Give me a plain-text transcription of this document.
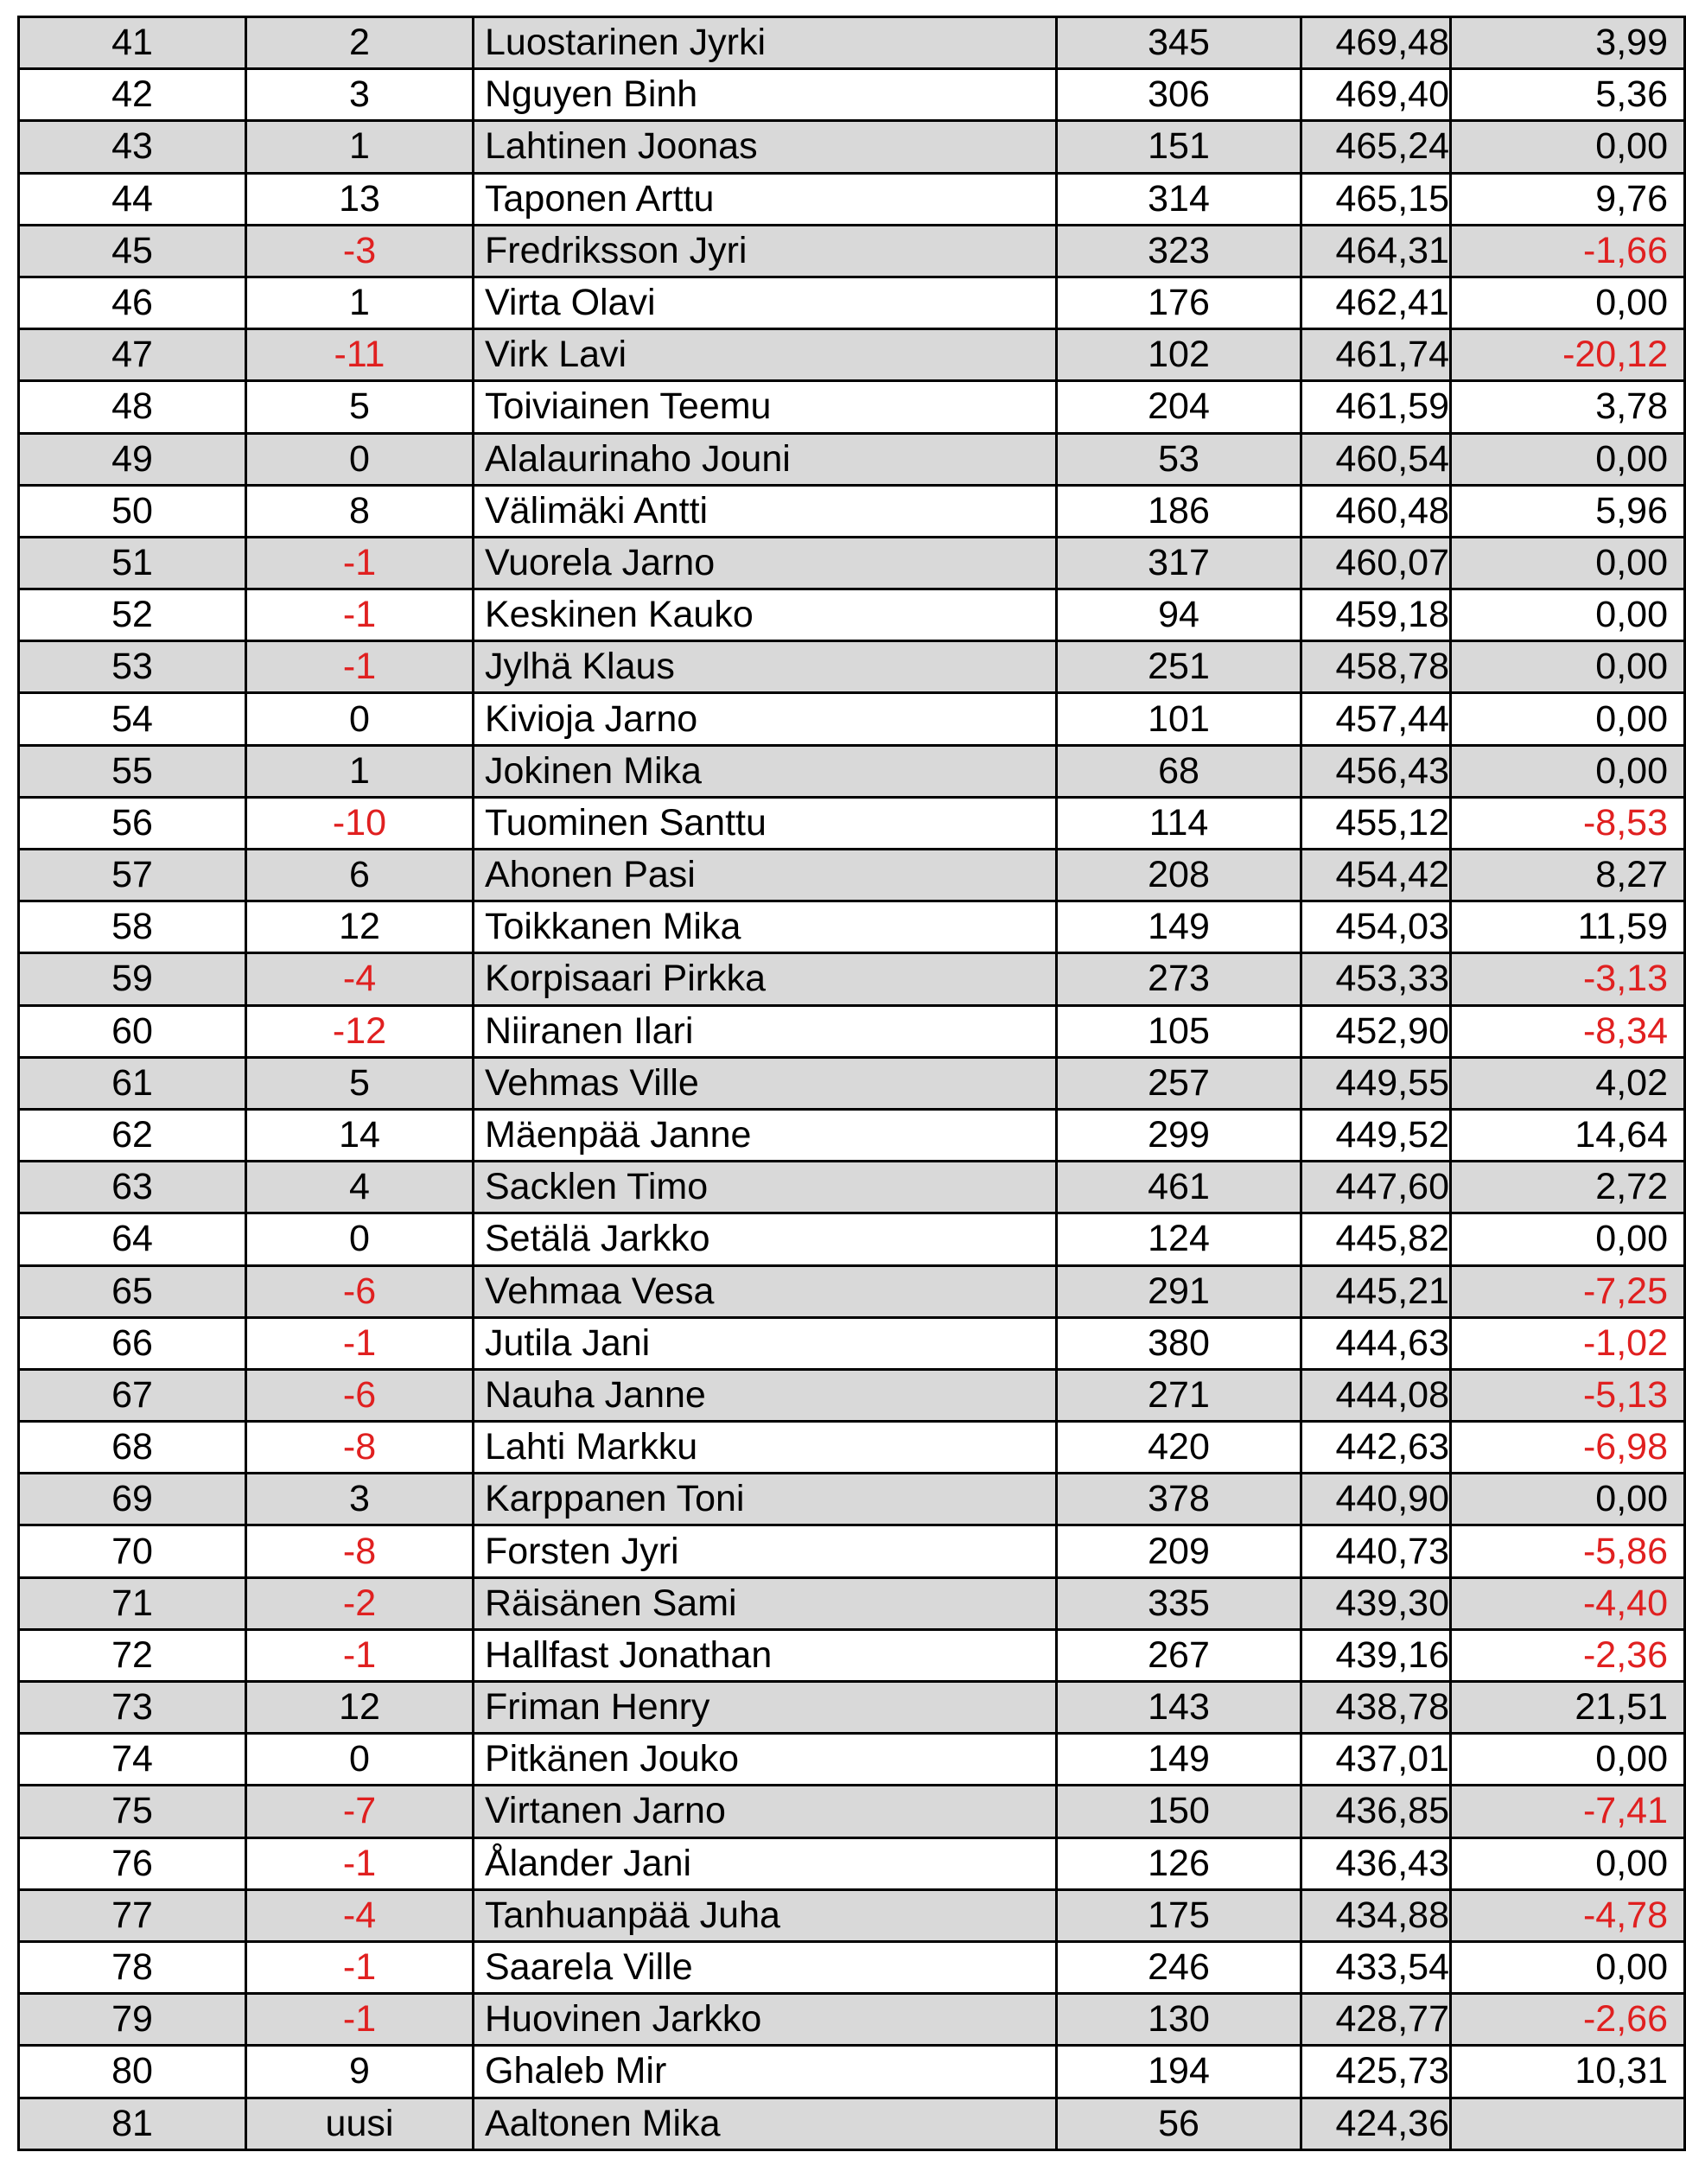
41	2	Luostarinen Jyrki	345	469,48	3,99
42	3	Nguyen Binh	306	469,40	5,36
43	1	Lahtinen Joonas	151	465,24	0,00
44	13	Taponen Arttu	314	465,15	9,76
45	-3	Fredriksson Jyri	323	464,31	-1,66
46	1	Virta Olavi	176	462,41	0,00
47	-11	Virk Lavi	102	461,74	-20,12
48	5	Toiviainen Teemu	204	461,59	3,78
49	0	Alalaurinaho Jouni	53	460,54	0,00
50	8	Välimäki Antti	186	460,48	5,96
51	-1	Vuorela Jarno	317	460,07	0,00
52	-1	Keskinen Kauko	94	459,18	0,00
53	-1	Jylhä Klaus	251	458,78	0,00
54	0	Kivioja Jarno	101	457,44	0,00
55	1	Jokinen Mika	68	456,43	0,00
56	-10	Tuominen Santtu	114	455,12	-8,53
57	6	Ahonen Pasi	208	454,42	8,27
58	12	Toikkanen Mika	149	454,03	11,59
59	-4	Korpisaari Pirkka	273	453,33	-3,13
60	-12	Niiranen Ilari	105	452,90	-8,34
61	5	Vehmas Ville	257	449,55	4,02
62	14	Mäenpää Janne	299	449,52	14,64
63	4	Sacklen Timo	461	447,60	2,72
64	0	Setälä Jarkko	124	445,82	0,00
65	-6	Vehmaa Vesa	291	445,21	-7,25
66	-1	Jutila Jani	380	444,63	-1,02
67	-6	Nauha Janne	271	444,08	-5,13
68	-8	Lahti Markku	420	442,63	-6,98
69	3	Karppanen Toni	378	440,90	0,00
70	-8	Forsten Jyri	209	440,73	-5,86
71	-2	Räisänen Sami	335	439,30	-4,40
72	-1	Hallfast Jonathan	267	439,16	-2,36
73	12	Friman Henry	143	438,78	21,51
74	0	Pitkänen Jouko	149	437,01	0,00
75	-7	Virtanen Jarno	150	436,85	-7,41
76	-1	Ålander Jani	126	436,43	0,00
77	-4	Tanhuanpää Juha	175	434,88	-4,78
78	-1	Saarela Ville	246	433,54	0,00
79	-1	Huovinen Jarkko	130	428,77	-2,66
80	9	Ghaleb Mir	194	425,73	10,31
81	uusi	Aaltonen Mika	56	424,36	
